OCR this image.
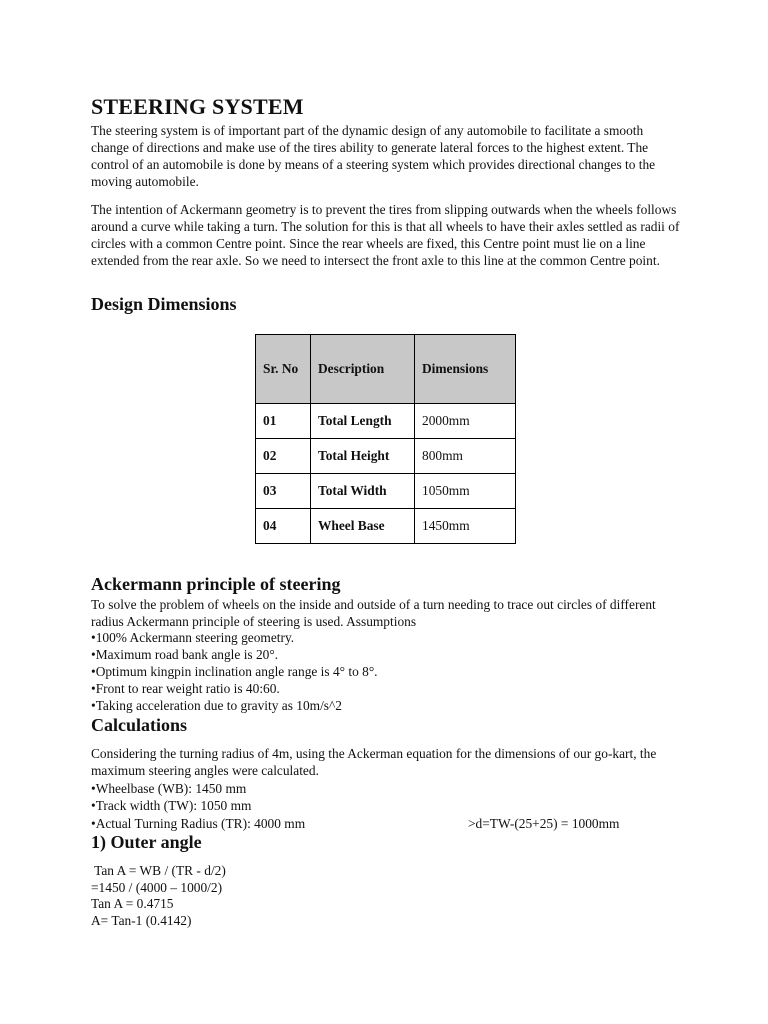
STEERING SYSTEM

The steering system is of important part of the dynamic design of any automobile to facilitate a smooth change of directions and make use of the tires ability to generate lateral forces to the highest extent. The control of an automobile is done by means of a steering system which provides directional changes to the moving automobile.

The intention of Ackermann geometry is to prevent the tires from slipping outwards when the wheels follows around a curve while taking a turn. The solution for this is that all wheels to have their axles settled as radii of circles with a common Centre point. Since the rear wheels are fixed, this Centre point must lie on a line extended from the rear axle. So we need to intersect the front axle to this line at the common Centre point.

Design Dimensions
Sr. No	Description	Dimensions
01	Total Length	2000mm
02	Total Height	800mm
03	Total Width	1050mm
04	Wheel Base	1450mm
Ackermann principle of steering

To solve the problem of wheels on the inside and outside of a turn needing to trace out circles of different radius Ackermann principle of steering is used. Assumptions

•100% Ackermann steering geometry.
•Maximum road bank angle is 20°.
•Optimum kingpin inclination angle range is 4° to 8°.
•Front to rear weight ratio is 40:60.
•Taking acceleration due to gravity as 10m/s^2
Calculations

Considering the turning radius of 4m, using the Ackerman equation for the dimensions of our go-kart, the maximum steering angles were calculated.

•Wheelbase (WB): 1450 mm
•Track width (TW): 1050 mm
•Actual Turning Radius (TR): 4000 mm	>d=TW-(25+25) = 1000mm
1) Outer angle
Tan A = WB / (TR - d/2)
=1450 / (4000 – 1000/2)
Tan A = 0.4715
A= Tan-1 (0.4142)
